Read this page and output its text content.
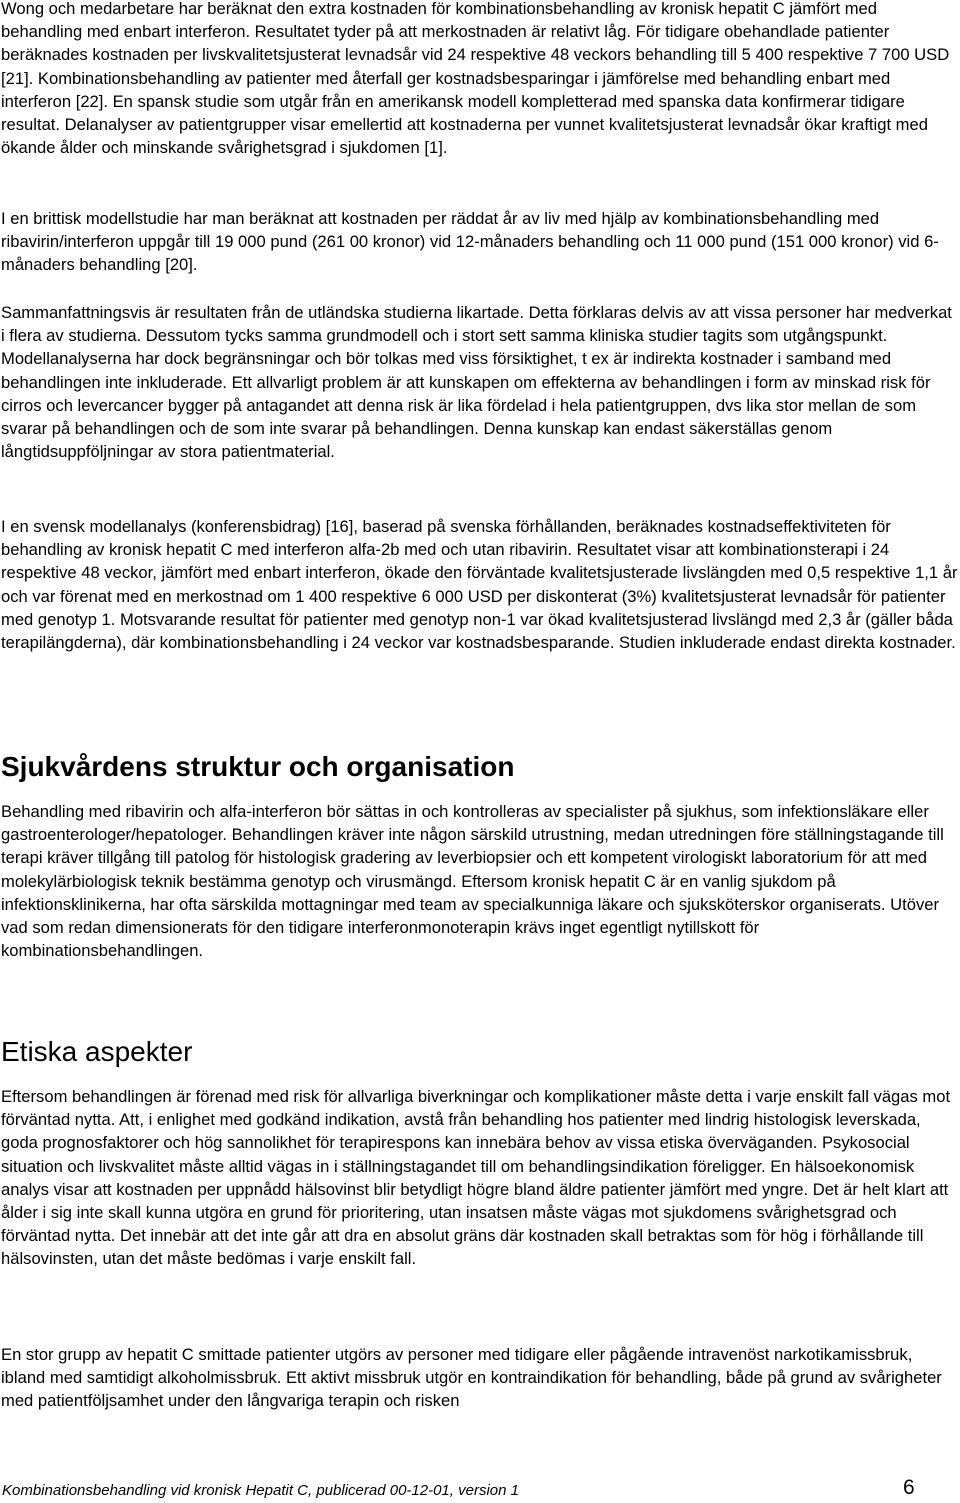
Wong och medarbetare har beräknat den extra kostnaden för kombinationsbehandling av kronisk hepatit C jämfört med behandling med enbart interferon. Resultatet tyder på att merkostnaden är relativt låg. För tidigare obehandlade patienter beräknades kostnaden per livskvalitetsjusterat levnadsår vid 24 respektive 48 veckors behandling till 5 400 respektive 7 700 USD [21]. Kombinationsbehandling av patienter med återfall ger kostnadsbesparingar i jämförelse med behandling enbart med interferon [22]. En spansk studie som utgår från en amerikansk modell kompletterad med spanska data konfirmerar tidigare resultat. Delanalyser av patientgrupper visar emellertid att kostnaderna per vunnet kvalitetsjusterat levnadsår ökar kraftigt med ökande ålder och minskande svårighetsgrad i sjukdomen [1].

I en brittisk modellstudie har man beräknat att kostnaden per räddat år av liv med hjälp av kombinationsbehandling med ribavirin/interferon uppgår till 19 000 pund (261 00 kronor) vid 12-månaders behandling och 11 000 pund (151 000 kronor) vid 6-månaders behandling [20].

Sammanfattningsvis är resultaten från de utländska studierna likartade. Detta förklaras delvis av att vissa personer har medverkat i flera av studierna. Dessutom tycks samma grundmodell och i stort sett samma kliniska studier tagits som utgångspunkt. Modellanalyserna har dock begränsningar och bör tolkas med viss försiktighet, t ex är indirekta kostnader i samband med behandlingen inte inkluderade. Ett allvarligt problem är att kunskapen om effekterna av behandlingen i form av minskad risk för cirros och levercancer bygger på antagandet att denna risk är lika fördelad i hela patientgruppen, dvs lika stor mellan de som svarar på behandlingen och de som inte svarar på behandlingen. Denna kunskap kan endast säkerställas genom långtidsuppföljningar av stora patientmaterial.

I en svensk modellanalys (konferensbidrag) [16], baserad på svenska förhållanden, beräknades kostnadseffektiviteten för behandling av kronisk hepatit C med interferon alfa-2b med och utan ribavirin. Resultatet visar att kombinationsterapi i 24 respektive 48 veckor, jämfört med enbart interferon, ökade den förväntade kvalitetsjusterade livslängden med 0,5 respektive 1,1 år och var förenat med en merkostnad om 1 400 respektive 6 000 USD per diskonterat (3%) kvalitetsjusterat levnadsår för patienter med genotyp 1. Motsvarande resultat för patienter med genotyp non-1 var ökad kvalitetsjusterad livslängd med 2,3 år (gäller båda terapilängderna), där kombinationsbehandling i 24 veckor var kostnadsbesparande. Studien inkluderade endast direkta kostnader.

Sjukvårdens struktur och organisation

Behandling med ribavirin och alfa-interferon bör sättas in och kontrolleras av specialister på sjukhus, som infektionsläkare eller gastroenterologer/hepatologer. Behandlingen kräver inte någon särskild utrustning, medan utredningen före ställningstagande till terapi kräver tillgång till patolog för histologisk gradering av leverbiopsier och ett kompetent virologiskt laboratorium för att med molekylärbiologisk teknik bestämma genotyp och virusmängd. Eftersom kronisk hepatit C är en vanlig sjukdom på infektionsklinikerna, har ofta särskilda mottagningar med team av specialkunniga läkare och sjuksköterskor organiserats. Utöver vad som redan dimensionerats för den tidigare interferonmonoterapin krävs inget egentligt nytillskott för kombinationsbehandlingen.

Etiska aspekter

Eftersom behandlingen är förenad med risk för allvarliga biverkningar och komplikationer måste detta i varje enskilt fall vägas mot förväntad nytta. Att, i enlighet med godkänd indikation, avstå från behandling hos patienter med lindrig histologisk leverskada, goda prognosfaktorer och hög sannolikhet för terapirespons kan innebära behov av vissa etiska överväganden. Psykosocial situation och livskvalitet måste alltid vägas in i ställningstagandet till om behandlingsindikation föreligger. En hälsoekonomisk analys visar att kostnaden per uppnådd hälsovinst blir betydligt högre bland äldre patienter jämfört med yngre. Det är helt klart att ålder i sig inte skall kunna utgöra en grund för prioritering, utan insatsen måste vägas mot sjukdomens svårighetsgrad och förväntad nytta. Det innebär att det inte går att dra en absolut gräns där kostnaden skall betraktas som för hög i förhållande till hälsovinsten, utan det måste bedömas i varje enskilt fall.

En stor grupp av hepatit C smittade patienter utgörs av personer med tidigare eller pågående intravenöst narkotikamissbruk, ibland med samtidigt alkoholmissbruk. Ett aktivt missbruk utgör en kontraindikation för behandling, både på grund av svårigheter med patientföljsamhet under den långvariga terapin och risken

Kombinationsbehandling vid kronisk Hepatit C, publicerad 00-12-01, version 1	6
